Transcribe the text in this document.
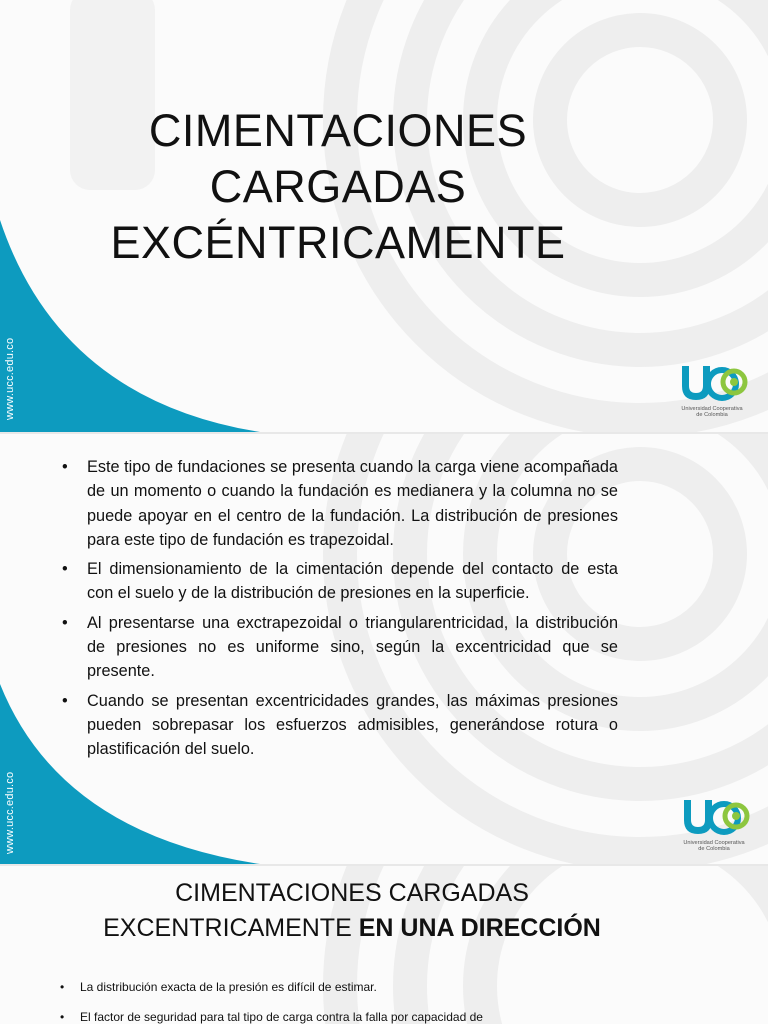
www.ucc.edu.co	Universidad Cooperativa
de Colombia
CIMENTACIONES
CARGADAS
EXCÉNTRICAMENTE
www.ucc.edu.co	Universidad Cooperativa
de Colombia
• Este tipo de fundaciones se presenta cuando la carga viene acompañada de un momento o cuando la fundación es medianera y la columna no se puede apoyar en el centro de la fundación. La distribución de presiones para este tipo de fundación es trapezoidal.
• El dimensionamiento de la cimentación depende del contacto de esta con el suelo y de la distribución de presiones en la superficie.
• Al presentarse una exctrapezoidal o triangularentricidad, la distribución de presiones no es uniforme sino, según la excentricidad que se presente.
• Cuando se presentan excentricidades grandes, las máximas presiones pueden sobrepasar los esfuerzos admisibles, generándose rotura o plastificación del suelo.
CIMENTACIONES CARGADAS
EXCENTRICAMENTE EN UNA DIRECCIÓN
• La distribución exacta de la presión es difícil de estimar.
• El factor de seguridad para tal tipo de carga contra la falla por capacidad de
